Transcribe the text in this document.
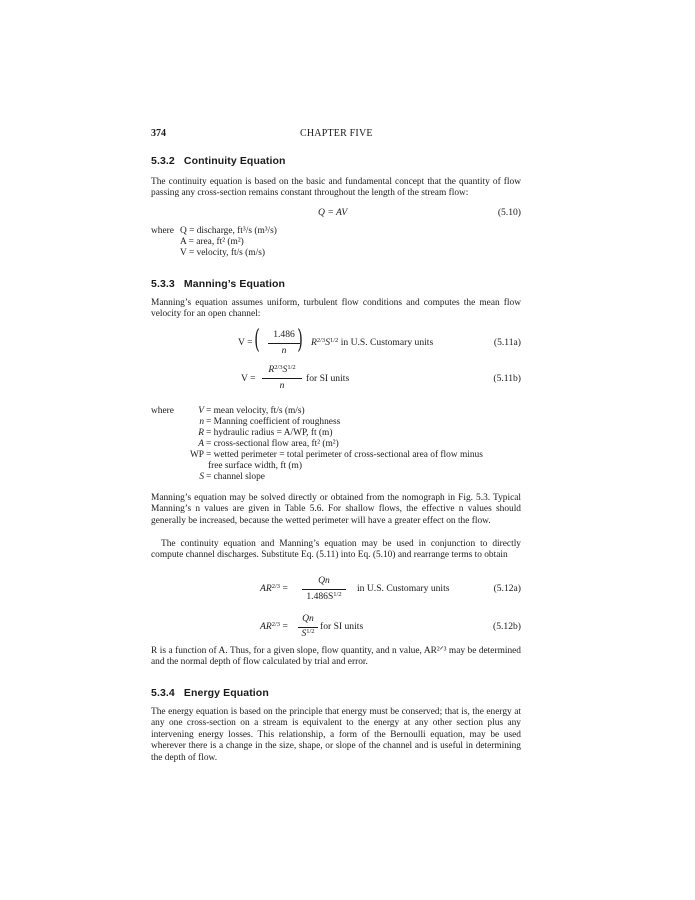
374	CHAPTER FIVE
5.3.2   Continuity Equation
The continuity equation is based on the basic and fundamental concept that the quantity of flow passing any cross-section remains constant throughout the length of the stream flow:
Q = AV	(5.10)
where Q = discharge, ft³/s (m³/s)
A = area, ft² (m²)
V = velocity, ft/s (m/s)
5.3.3   Manning’s Equation
Manning’s equation assumes uniform, turbulent flow conditions and computes the mean flow velocity for an open channel:
V = (	1.486
n ) $R^{2/3}S^{1/2}$ in U.S. Customary units	(5.11a)
V =
$R^{2/3}S^{1/2}$
n
for SI units	(5.11b)
where	V = mean velocity, ft/s (m/s)
n = Manning coefficient of roughness
R = hydraulic radius = A/WP, ft (m)
A = cross-sectional flow area, ft² (m²)
WP = wetted perimeter = total perimeter of cross-sectional area of flow minus
free surface width, ft (m)
S = channel slope
Manning’s equation may be solved directly or obtained from the nomograph in Fig. 5.3. Typical Manning’s n values are given in Table 5.6. For shallow flows, the effective n values should generally be increased, because the wetted perimeter will have a greater effect on the flow.
The continuity equation and Manning’s equation may be used in conjunction to directly compute channel discharges. Substitute Eq. (5.11) into Eq. (5.10) and rearrange terms to obtain
$AR^{2/3}$ =
Qn
$1.486S^{1/2}$
in U.S. Customary units	(5.12a)
$AR^{2/3}$ =
Qn
$S^{1/2}$ for SI units	(5.12b)
R is a function of A. Thus, for a given slope, flow quantity, and n value, AR²ᐟ³ may be determined and the normal depth of flow calculated by trial and error.
5.3.4   Energy Equation
The energy equation is based on the principle that energy must be conserved; that is, the energy at any one cross-section on a stream is equivalent to the energy at any other section plus any intervening energy losses. This relationship, a form of the Bernoulli equation, may be used wherever there is a change in the size, shape, or slope of the channel and is useful in determining the depth of flow.
